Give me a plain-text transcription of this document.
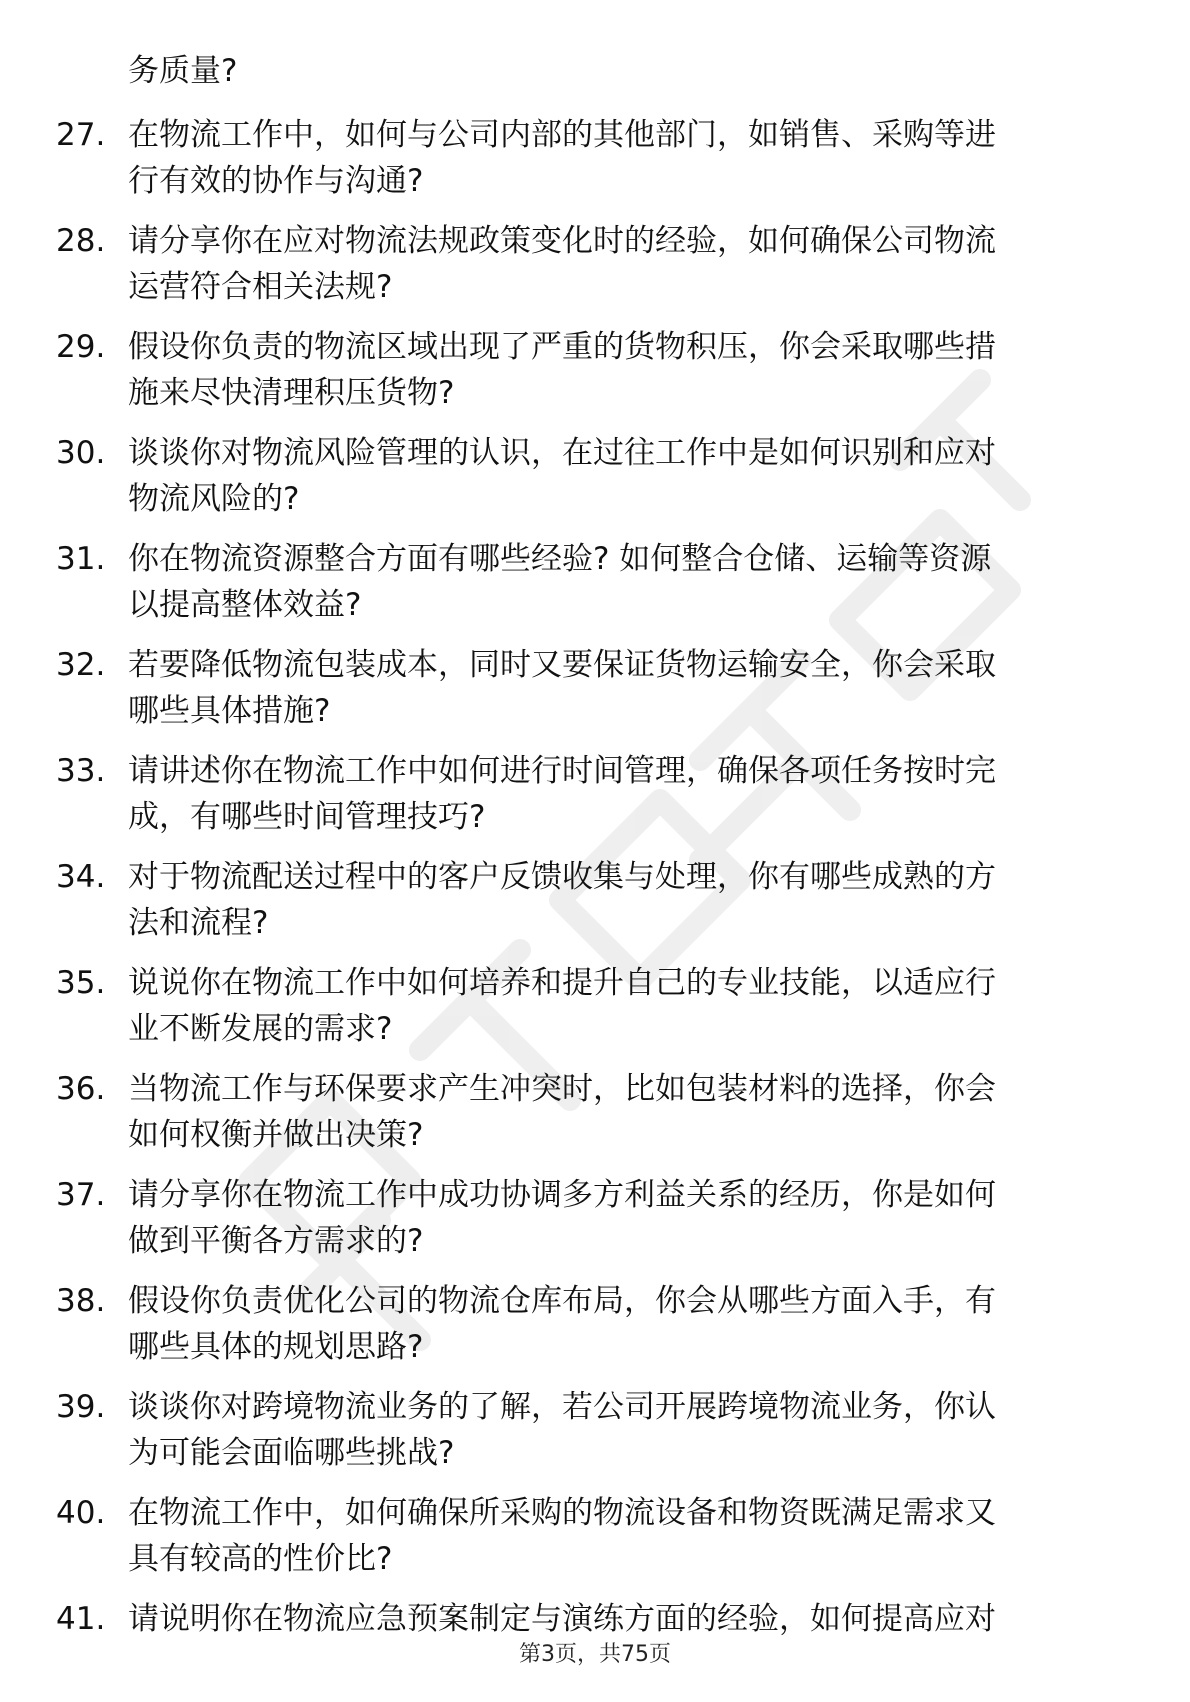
务质量?
27. 在物流工作中，如何与公司内部的其他部门，如销售、采购等进
行有效的协作与沟通?
28. 请分享你在应对物流法规政策变化时的经验，如何确保公司物流
运营符合相关法规?
29. 假设你负责的物流区域出现了严重的货物积压，你会采取哪些措
施来尽快清理积压货物?
30. 谈谈你对物流风险管理的认识，在过往工作中是如何识别和应对
物流风险的?
31. 你在物流资源整合方面有哪些经验? 如何整合仓储、运输等资源
以提高整体效益?
32. 若要降低物流包装成本，同时又要保证货物运输安全，你会采取
哪些具体措施?
33. 请讲述你在物流工作中如何进行时间管理，确保各项任务按时完
成，有哪些时间管理技巧?
34. 对于物流配送过程中的客户反馈收集与处理，你有哪些成熟的方
法和流程?
35. 说说你在物流工作中如何培养和提升自己的专业技能，以适应行
业不断发展的需求?
36. 当物流工作与环保要求产生冲突时，比如包装材料的选择，你会
如何权衡并做出决策?
37. 请分享你在物流工作中成功协调多方利益关系的经历，你是如何
做到平衡各方需求的?
38. 假设你负责优化公司的物流仓库布局，你会从哪些方面入手，有
哪些具体的规划思路?
39. 谈谈你对跨境物流业务的了解，若公司开展跨境物流业务，你认
为可能会面临哪些挑战?
40. 在物流工作中，如何确保所采购的物流设备和物资既满足需求又
具有较高的性价比?
41. 请说明你在物流应急预案制定与演练方面的经验，如何提高应对
第3页，共75页
